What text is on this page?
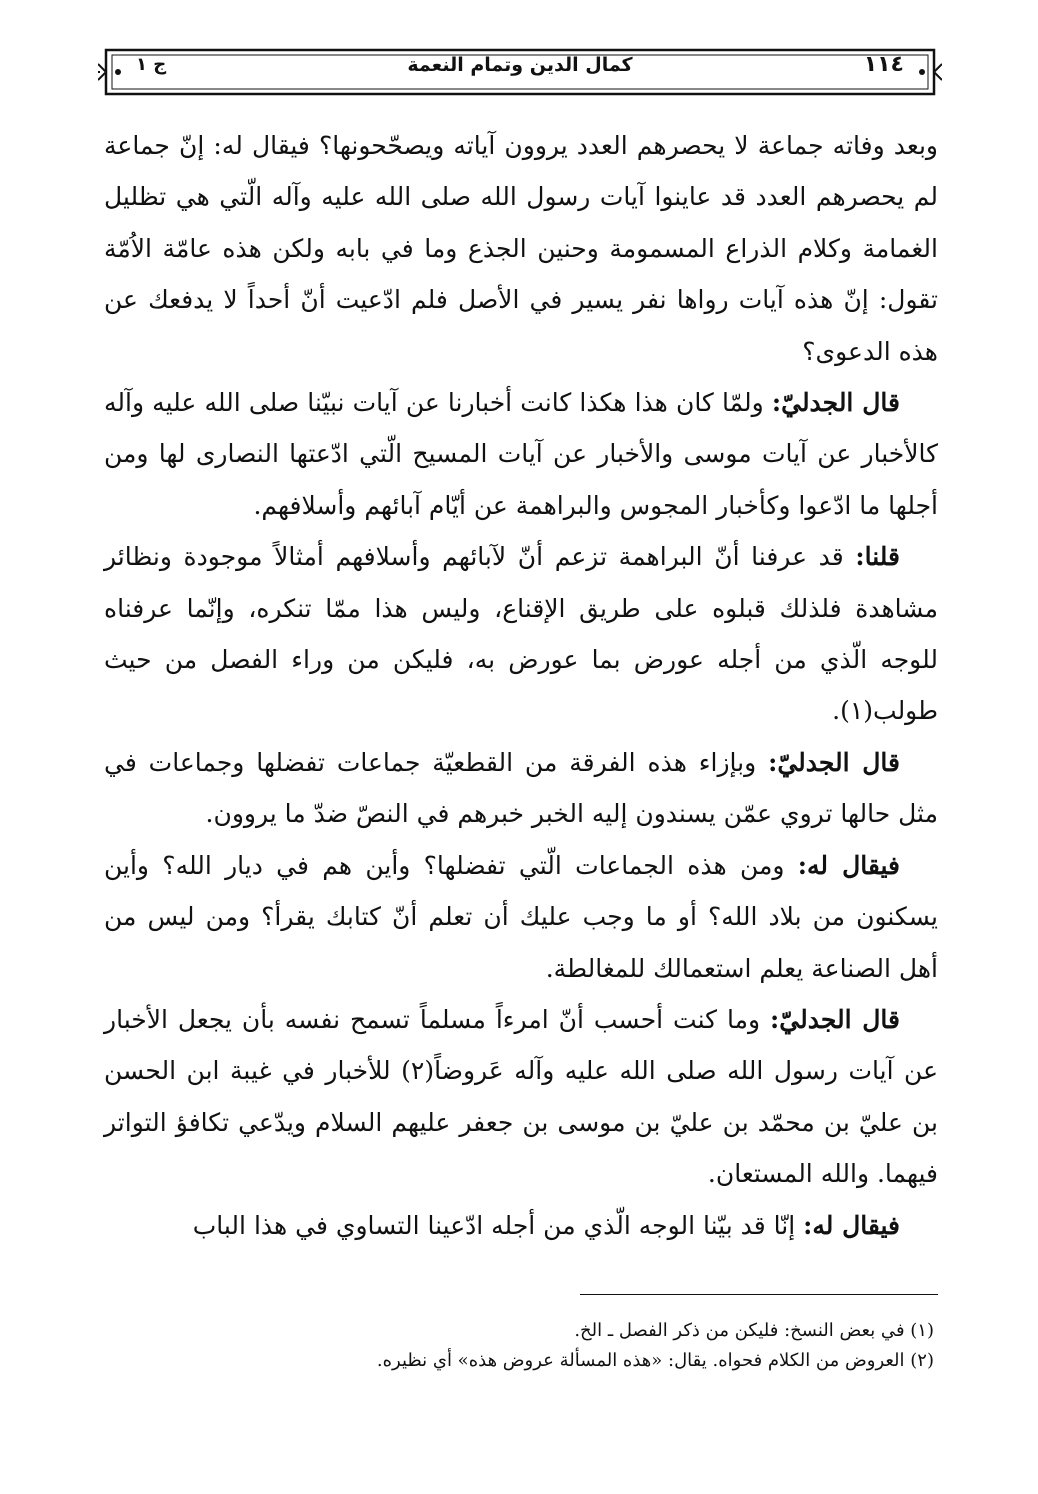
١١٤
كمال الدين وتمام النعمة
ج ١

وبعد وفاته جماعة لا يحصرهم العدد يروون آياته ويصحّحونها؟ فيقال له: إنّ جماعة لم يحصرهم العدد قد عاينوا آيات رسول الله صلى الله عليه وآله الّتي هي تظليل الغمامة وكلام الذراع المسمومة وحنين الجذع وما في بابه ولكن هذه عامّة الاُمّة تقول: إنّ هذه آيات رواها نفر يسير في الأصل فلم ادّعيت أنّ أحداً لا يدفعك عن هذه الدعوى؟

قال الجدليّ: ولمّا كان هذا هكذا كانت أخبارنا عن آيات نبيّنا صلى الله عليه وآله كالأخبار عن آيات موسى والأخبار عن آيات المسيح الّتي ادّعتها النصارى لها ومن أجلها ما ادّعوا وكأخبار المجوس والبراهمة عن أيّام آبائهم وأسلافهم.

قلنا: قد عرفنا أنّ البراهمة تزعم أنّ لآبائهم وأسلافهم أمثالاً موجودة ونظائر مشاهدة فلذلك قبلوه على طريق الإقناع، وليس هذا ممّا تنكره، وإنّما عرفناه للوجه الّذي من أجله عورض بما عورض به، فليكن من وراء الفصل من حيث طولب(١).

قال الجدليّ: وبإزاء هذه الفرقة من القطعيّة جماعات تفضلها وجماعات في مثل حالها تروي عمّن يسندون إليه الخبر خبرهم في النصّ ضدّ ما يروون.

فيقال له: ومن هذه الجماعات الّتي تفضلها؟ وأين هم في ديار الله؟ وأين يسكنون من بلاد الله؟ أو ما وجب عليك أن تعلم أنّ كتابك يقرأ؟ ومن ليس من أهل الصناعة يعلم استعمالك للمغالطة.

قال الجدليّ: وما كنت أحسب أنّ امرءاً مسلماً تسمح نفسه بأن يجعل الأخبار عن آيات رسول الله صلى الله عليه وآله عَروضاً(٢) للأخبار في غيبة ابن الحسن بن عليّ بن محمّد بن عليّ بن موسى بن جعفر عليهم السلام ويدّعي تكافؤ التواتر فيهما. والله المستعان.

فيقال له: إنّا قد بيّنا الوجه الّذي من أجله ادّعينا التساوي في هذا الباب

(١) في بعض النسخ: فليكن من ذكر الفصل ـ الخ.

(٢) العروض من الكلام فحواه. يقال: «هذه المسألة عروض هذه» أي نظيره.
